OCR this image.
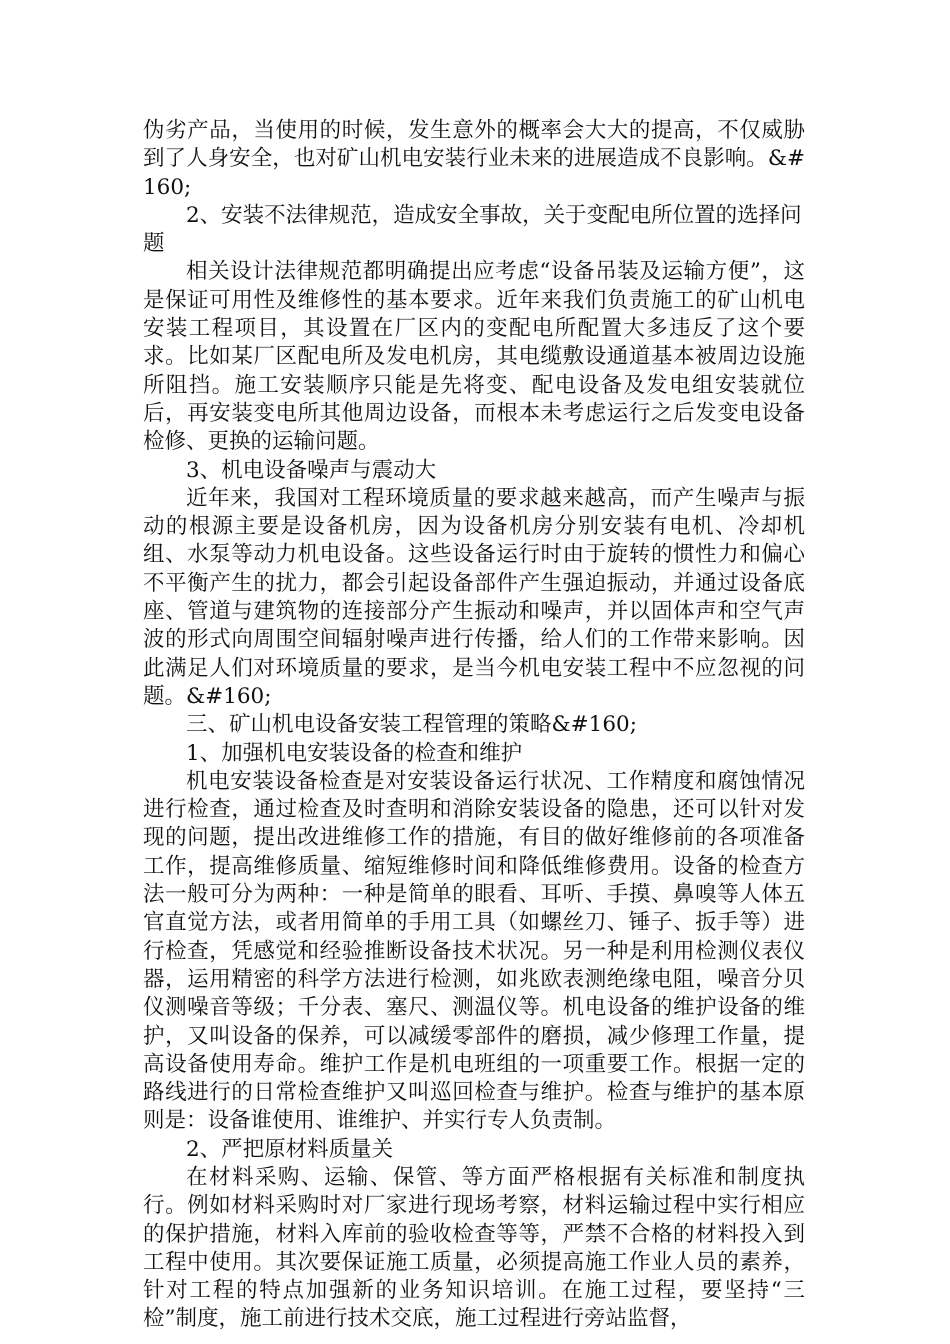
伪劣产品，当使用的时候，发生意外的概率会大大的提高，不仅威胁到了人身安全，也对矿山机电安装行业未来的进展造成不良影响。&#160;

2、安装不法律规范，造成安全事故，关于变配电所位置的选择问题

相关设计法律规范都明确提出应考虑“设备吊装及运输方便”，这是保证可用性及维修性的基本要求。近年来我们负责施工的矿山机电安装工程项目，其设置在厂区内的变配电所配置大多违反了这个要求。比如某厂区配电所及发电机房，其电缆敷设通道基本被周边设施所阻挡。施工安装顺序只能是先将变、配电设备及发电组安装就位后，再安装变电所其他周边设备，而根本未考虑运行之后发变电设备检修、更换的运输问题。

3、机电设备噪声与震动大

近年来，我国对工程环境质量的要求越来越高，而产生噪声与振动的根源主要是设备机房，因为设备机房分别安装有电机、冷却机组、水泵等动力机电设备。这些设备运行时由于旋转的惯性力和偏心不平衡产生的扰力，都会引起设备部件产生强迫振动，并通过设备底座、管道与建筑物的连接部分产生振动和噪声，并以固体声和空气声波的形式向周围空间辐射噪声进行传播，给人们的工作带来影响。因此满足人们对环境质量的要求，是当今机电安装工程中不应忽视的问题。&#160;

三、矿山机电设备安装工程管理的策略&#160;

1、加强机电安装设备的检查和维护

机电安装设备检查是对安装设备运行状况、工作精度和腐蚀情况进行检查，通过检查及时查明和消除安装设备的隐患，还可以针对发现的问题，提出改进维修工作的措施，有目的做好维修前的各项准备工作，提高维修质量、缩短维修时间和降低维修费用。设备的检查方法一般可分为两种：一种是简单的眼看、耳听、手摸、鼻嗅等人体五官直觉方法，或者用简单的手用工具（如螺丝刀、锤子、扳手等）进行检查，凭感觉和经验推断设备技术状况。另一种是利用检测仪表仪器，运用精密的科学方法进行检测，如兆欧表测绝缘电阻，噪音分贝仪测噪音等级；千分表、塞尺、测温仪等。机电设备的维护设备的维护，又叫设备的保养，可以减缓零部件的磨损，减少修理工作量，提高设备使用寿命。维护工作是机电班组的一项重要工作。根据一定的路线进行的日常检查维护又叫巡回检查与维护。检查与维护的基本原则是：设备谁使用、谁维护、并实行专人负责制。

2、严把原材料质量关

在材料采购、运输、保管、等方面严格根据有关标准和制度执行。例如材料采购时对厂家进行现场考察，材料运输过程中实行相应的保护措施，材料入库前的验收检查等等，严禁不合格的材料投入到工程中使用。其次要保证施工质量，必须提高施工作业人员的素养，针对工程的特点加强新的业务知识培训。在施工过程，要坚持“三检”制度，施工前进行技术交底，施工过程进行旁站监督，
